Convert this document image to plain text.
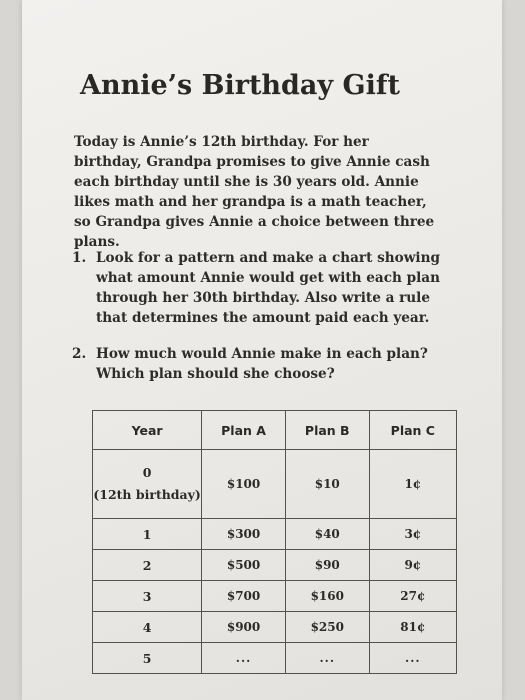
Annie’s Birthday Gift

Today is Annie’s 12th birthday. For her birthday, Grandpa promises to give Annie cash each birthday until she is 30 years old. Annie likes math and her grandpa is a math teacher, so Grandpa gives Annie a choice between three plans.

1. Look for a pattern and make a chart showing what amount Annie would get with each plan through her 30th birthday. Also write a rule that determines the amount paid each year.
2. How much would Annie make in each plan? Which plan should she choose?
Year	Plan A	Plan B	Plan C

0
(12th birthday)	$100	$10	1¢
1	$300	$40	3¢
2	$500	$90	9¢
3	$700	$160	27¢
4	$900	$250	81¢
5	...	...	...
